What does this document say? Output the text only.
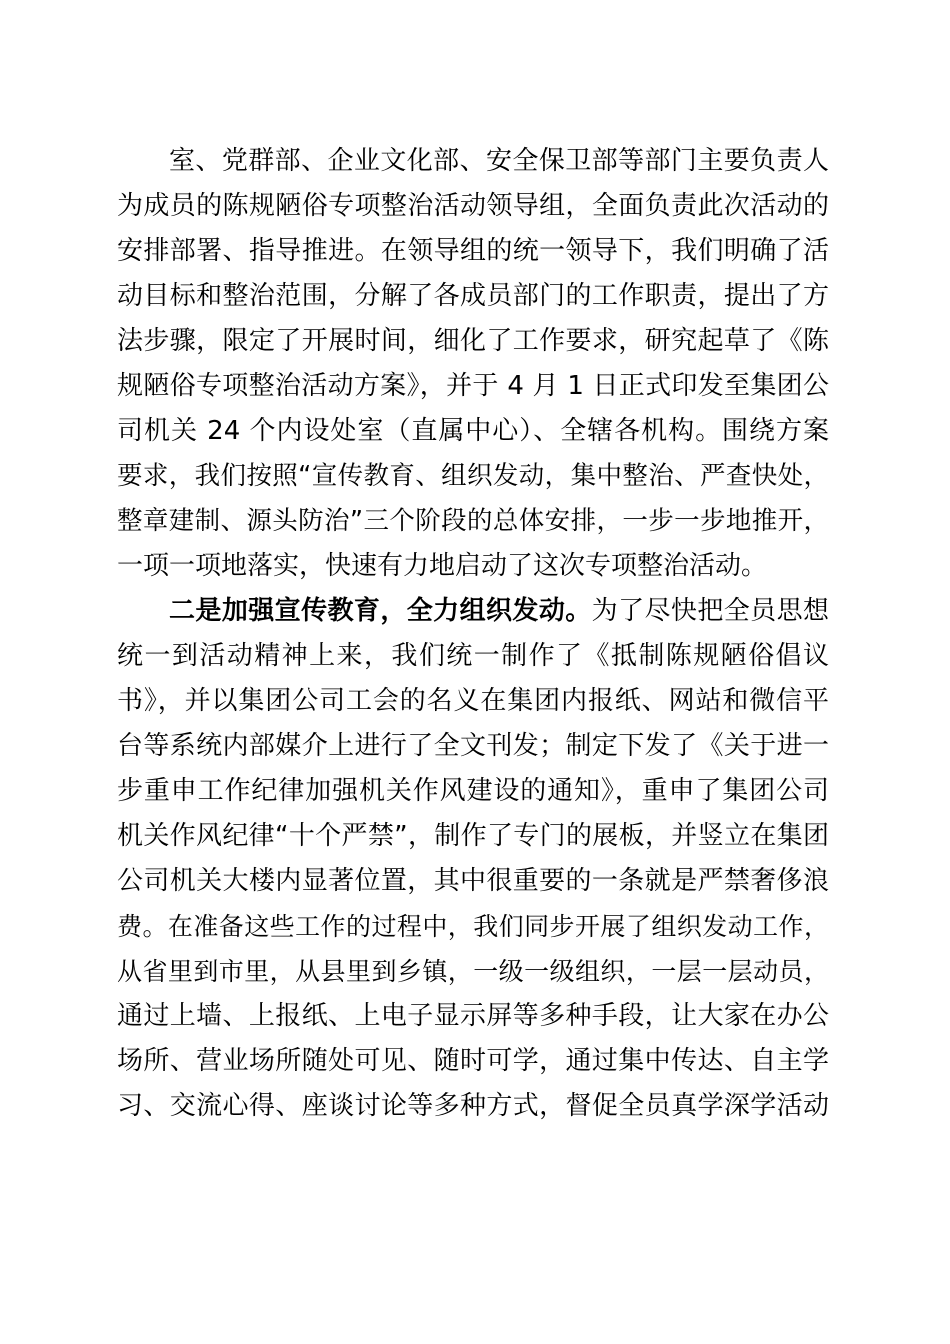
室、党群部、企业文化部、安全保卫部等部门主要负责人
为成员的陈规陋俗专项整治活动领导组，全面负责此次活动的
安排部署、指导推进。在领导组的统一领导下，我们明确了活
动目标和整治范围，分解了各成员部门的工作职责，提出了方
法步骤，限定了开展时间，细化了工作要求，研究起草了《陈
规陋俗专项整治活动方案》，并于 4 月 1 日正式印发至集团公
司机关 24 个内设处室（直属中心）、全辖各机构。围绕方案
要求，我们按照“宣传教育、组织发动，集中整治、严查快处，
整章建制、源头防治”三个阶段的总体安排，一步一步地推开，
一项一项地落实，快速有力地启动了这次专项整治活动。
二是加强宣传教育，全力组织发动。为了尽快把全员思想
统一到活动精神上来，我们统一制作了《抵制陈规陋俗倡议
书》，并以集团公司工会的名义在集团内报纸、网站和微信平
台等系统内部媒介上进行了全文刊发；制定下发了《关于进一
步重申工作纪律加强机关作风建设的通知》，重申了集团公司
机关作风纪律“十个严禁”，制作了专门的展板，并竖立在集团
公司机关大楼内显著位置，其中很重要的一条就是严禁奢侈浪
费。在准备这些工作的过程中，我们同步开展了组织发动工作，
从省里到市里，从县里到乡镇，一级一级组织，一层一层动员，
通过上墙、上报纸、上电子显示屏等多种手段，让大家在办公
场所、营业场所随处可见、随时可学，通过集中传达、自主学
习、交流心得、座谈讨论等多种方式，督促全员真学深学活动
